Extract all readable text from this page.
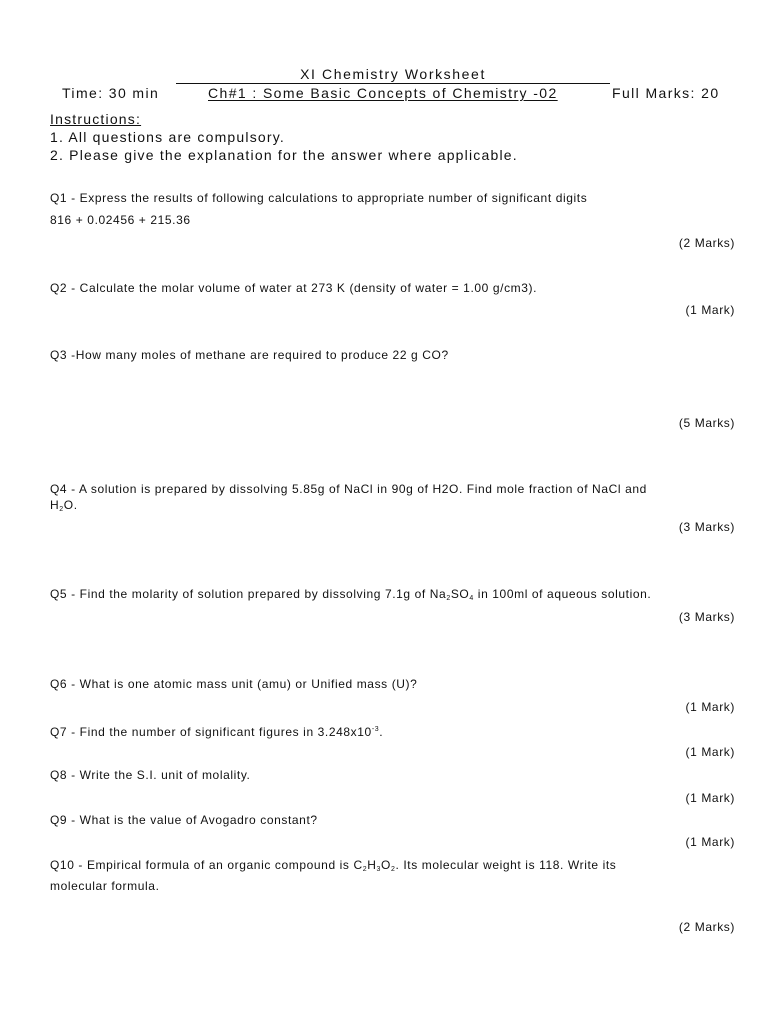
XI Chemistry Worksheet
Time: 30 min	Ch#1 : Some Basic Concepts of Chemistry -02	Full Marks: 20
Instructions:
1. All questions are compulsory.
2. Please give the explanation for the answer where applicable.
Q1 - Express the results of following calculations to appropriate number of significant digits
816 + 0.02456 + 215.36
(2 Marks)
Q2 - Calculate the molar volume of water at 273 K (density of water = 1.00 g/cm3).
(1 Mark)
Q3 -How many moles of methane are required to produce 22 g CO?
(5 Marks)
Q4 - A solution is prepared by dissolving 5.85g of NaCl in 90g of H2O. Find mole fraction of NaCl and
$H_2O$.
(3 Marks)
Q5 - Find the molarity of solution prepared by dissolving 7.1g of $Na_2SO_4$ in 100ml of aqueous solution.
(3 Marks)
Q6 - What is one atomic mass unit (amu) or Unified mass (U)?
(1 Mark)
Q7 - Find the number of significant figures in $3.248x10^{-3}$.
(1 Mark)
Q8 - Write the S.I. unit of molality.
(1 Mark)
Q9 - What is the value of Avogadro constant?
(1 Mark)
Q10 - Empirical formula of an organic compound is $C_2H_3O_2$. Its molecular weight is 118. Write its
molecular formula.
(2 Marks)
